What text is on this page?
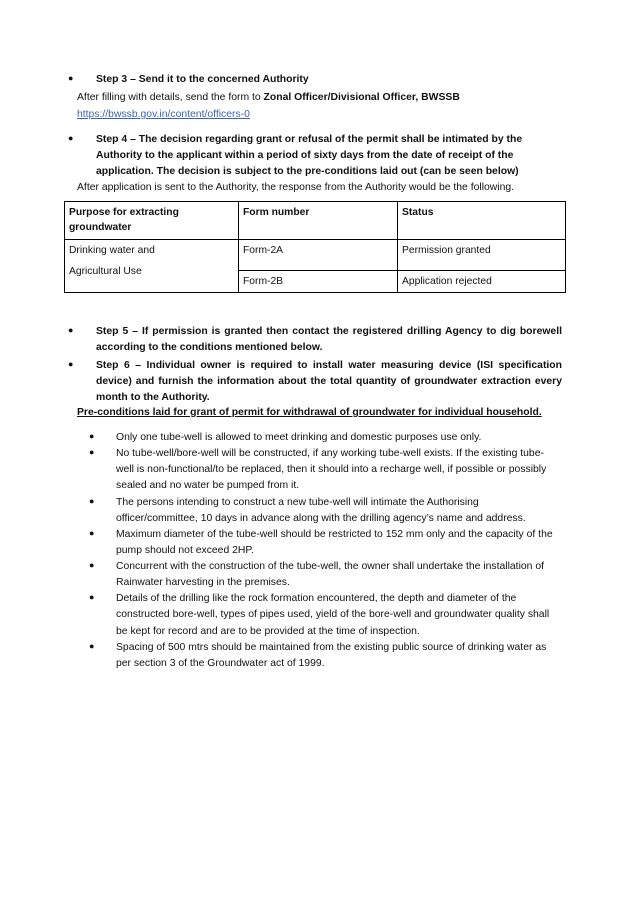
● Step 3 – Send it to the concerned Authority
After filling with details, send the form to Zonal Officer/Divisional Officer, BWSSB
https://bwssb.gov.in/content/officers-0
● Step 4 – The decision regarding grant or refusal of the permit shall be intimated by the Authority to the applicant within a period of sixty days from the date of receipt of the application. The decision is subject to the pre-conditions laid out (can be seen below)
After application is sent to the Authority, the response from the Authority would be the following.
Purpose for extracting groundwater	Form number	Status

Drinking water and
Agricultural Use	Form-2A	Permission granted
	Form-2B	Application rejected
● Step 5 – If permission is granted then contact the registered drilling Agency to dig borewell according to the conditions mentioned below.
● Step 6 – Individual owner is required to install water measuring device (ISI specification device) and furnish the information about the total quantity of groundwater extraction every month to the Authority.
Pre-conditions laid for grant of permit for withdrawal of groundwater for individual household.
● Only one tube-well is allowed to meet drinking and domestic purposes use only.
● No tube-well/bore-well will be constructed, if any working tube-well exists. If the existing tube-well is non-functional/to be replaced, then it should into a recharge well, if possible or possibly sealed and no water be pumped from it.
● The persons intending to construct a new tube-well will intimate the Authorising officer/committee, 10 days in advance along with the drilling agency’s name and address.
● Maximum diameter of the tube-well should be restricted to 152 mm only and the capacity of the pump should not exceed 2HP.
● Concurrent with the construction of the tube-well, the owner shall undertake the installation of Rainwater harvesting in the premises.
● Details of the drilling like the rock formation encountered, the depth and diameter of the constructed bore-well, types of pipes used, yield of the bore-well and groundwater quality shall be kept for record and are to be provided at the time of inspection.
● Spacing of 500 mtrs should be maintained from the existing public source of drinking water as per section 3 of the Groundwater act of 1999.
